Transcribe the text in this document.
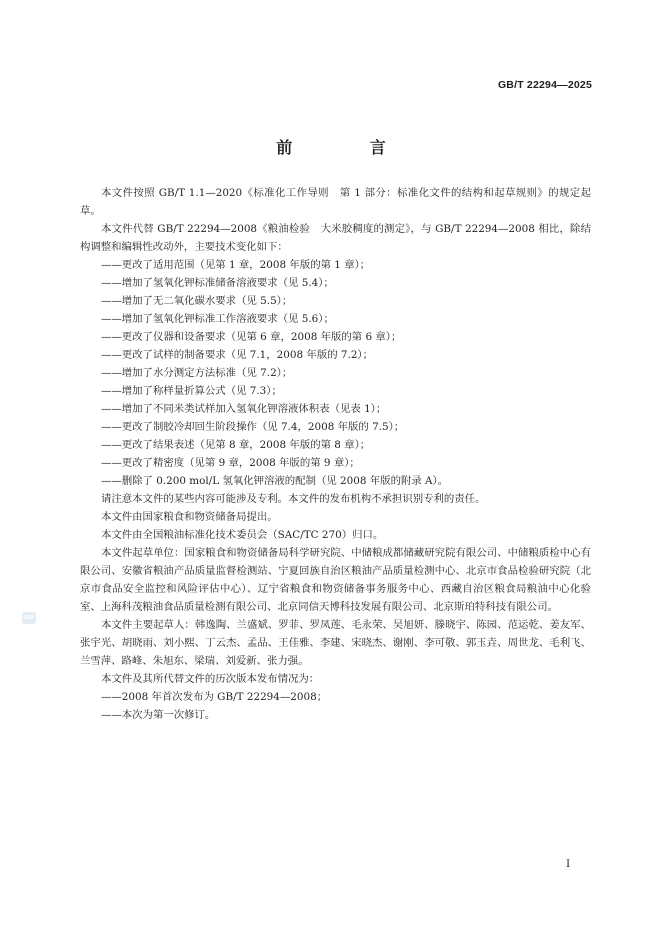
GB/T 22294—2025

前 言

本文件按照 GB/T 1.1—2020《标准化工作导则　第 1 部分：标准化文件的结构和起草规则》的规定起草。

本文件代替 GB/T 22294—2008《粮油检验　大米胶稠度的测定》，与 GB/T 22294—2008 相比，除结构调整和编辑性改动外，主要技术变化如下：

——更改了适用范围（见第 1 章，2008 年版的第 1 章）；
——增加了氢氧化钾标准储备溶液要求（见 5.4）；
——增加了无二氧化碳水要求（见 5.5）；
——增加了氢氧化钾标准工作溶液要求（见 5.6）；
——更改了仪器和设备要求（见第 6 章，2008 年版的第 6 章）；
——更改了试样的制备要求（见 7.1，2008 年版的 7.2）；
——增加了水分测定方法标准（见 7.2）；
——增加了称样量折算公式（见 7.3）；
——增加了不同米类试样加入氢氧化钾溶液体积表（见表 1）；
——更改了制胶冷却回生阶段操作（见 7.4，2008 年版的 7.5）；
——更改了结果表述（见第 8 章，2008 年版的第 8 章）；
——更改了精密度（见第 9 章，2008 年版的第 9 章）；
——删除了 0.200 mol/L 氢氧化钾溶液的配制（见 2008 年版的附录 A）。

请注意本文件的某些内容可能涉及专利。本文件的发布机构不承担识别专利的责任。

本文件由国家粮食和物资储备局提出。

本文件由全国粮油标准化技术委员会（SAC/TC 270）归口。

本文件起草单位：国家粮食和物资储备局科学研究院、中储粮成都储藏研究院有限公司、中储粮质检中心有限公司、安徽省粮油产品质量监督检测站、宁夏回族自治区粮油产品质量检测中心、北京市食品检验研究院（北京市食品安全监控和风险评估中心）、辽宁省粮食和物资储备事务服务中心、西藏自治区粮食局粮油中心化验室、上海科茂粮油食品质量检测有限公司、北京同信天博科技发展有限公司、北京斯珀特科技有限公司。

本文件主要起草人：韩逸陶、兰盛斌、罗菲、罗凤莲、毛永荣、吴旭妍、滕晓宇、陈园、范运乾、姜友军、张宇光、胡晓雨、刘小熙、丁云杰、孟品、王佳雅、李建、宋晓杰、谢刚、李可敬、郭玉垚、周世龙、毛利飞、兰雪萍、路峰、朱旭东、梁瑞、刘爱新、张力强。

本文件及其所代替文件的历次版本发布情况为：

——2008 年首次发布为 GB/T 22294—2008；
——本次为第一次修订。
GBK

I
